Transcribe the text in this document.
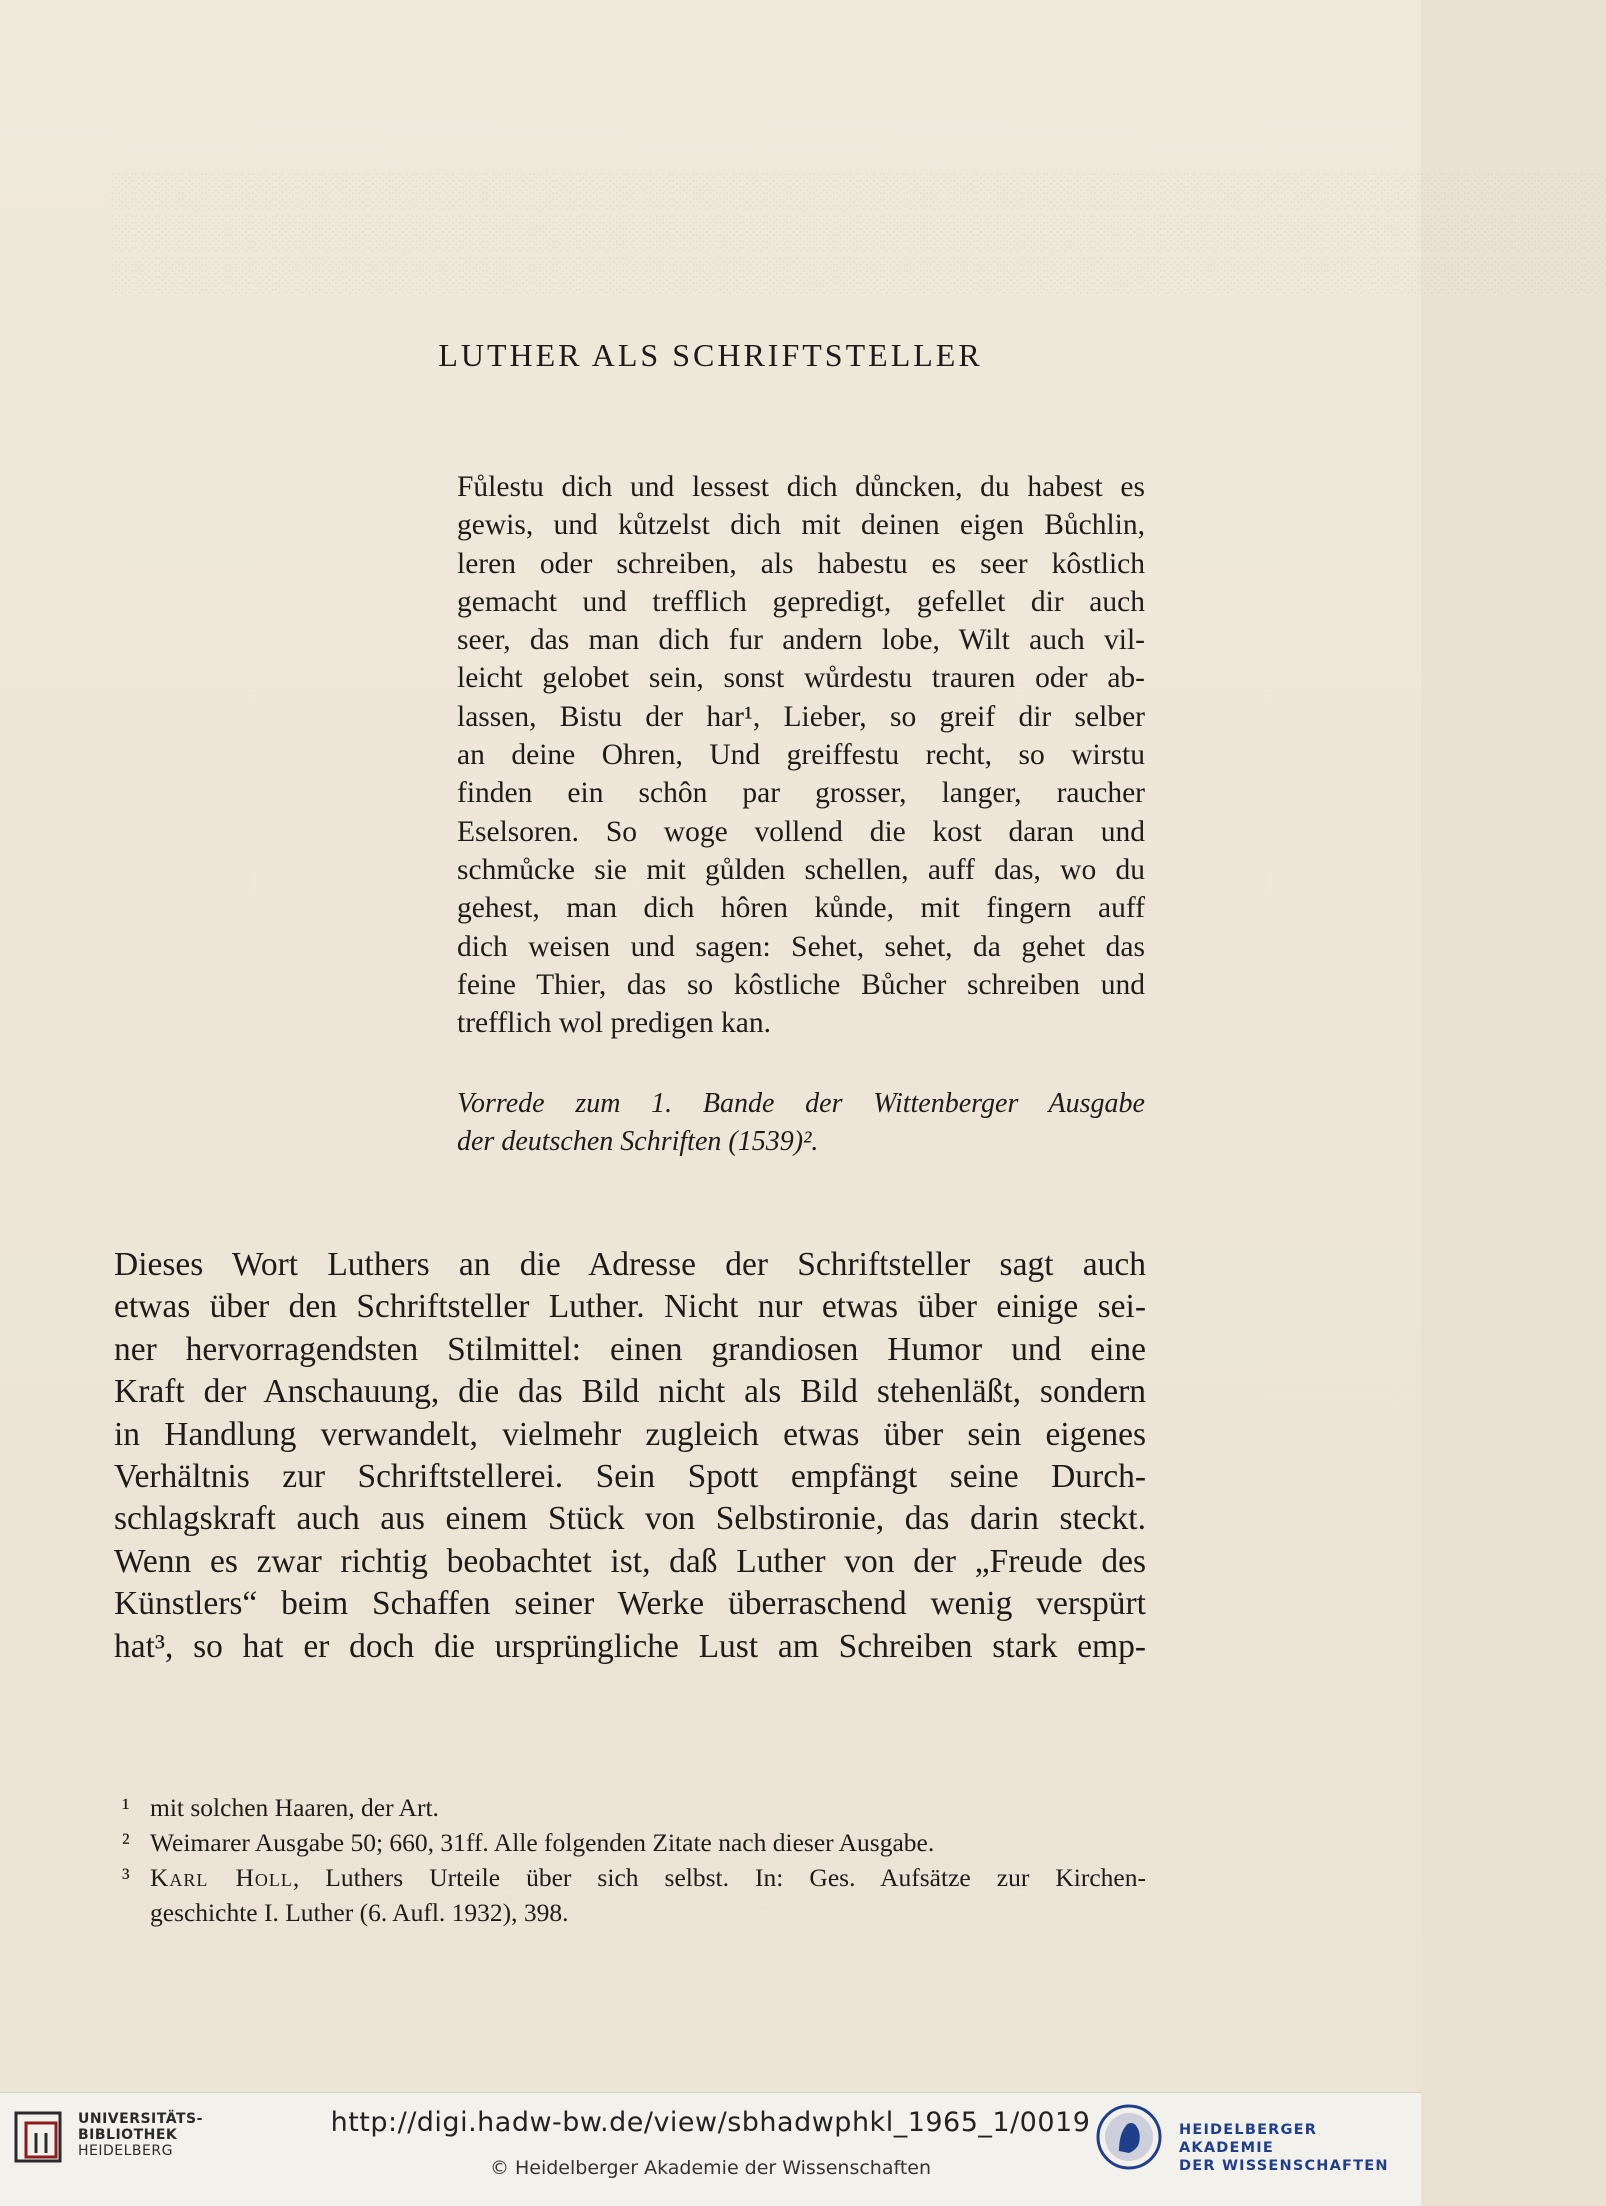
░░░░░░░░░░░░░░░░░░░░░░░░░░░░░░░░░░░░░░░░░░░░░░░░░░░░░░░░░░░░░░░░
░░░░░░░░░░░░░░░░░░░░░░░░░░░░░░░░░░░░░░░░░░░░░░░░░░░░░░░░░░░░░░░░
░░░░░░░░░░░░░░░░░░░░░░░░░░░░░░░░░░░░░░░░░░░░░░░░░░░░░░░░░░░░░░░░
LUTHER ALS SCHRIFTSTELLER
Fůlestu dich und lessest dich důncken, du habest es
gewis, und kůtzelst dich mit deinen eigen Bůchlin,
leren oder schreiben, als habestu es seer kôstlich
gemacht und trefflich gepredigt, gefellet dir auch
seer, das man dich fur andern lobe, Wilt auch vil-
leicht gelobet sein, sonst wůrdestu trauren oder ab-
lassen, Bistu der har¹, Lieber, so greif dir selber
an deine Ohren, Und greiffestu recht, so wirstu
finden ein schôn par grosser, langer, raucher
Eselsoren. So woge vollend die kost daran und
schmůcke sie mit gůlden schellen, auff das, wo du
gehest, man dich hôren kůnde, mit fingern auff
dich weisen und sagen: Sehet, sehet, da gehet das
feine Thier, das so kôstliche Bůcher schreiben und
trefflich wol predigen kan.
Vorrede zum 1. Bande der Wittenberger Ausgabe
der deutschen Schriften (1539)².
Dieses Wort Luthers an die Adresse der Schriftsteller sagt auch
etwas über den Schriftsteller Luther. Nicht nur etwas über einige sei-
ner hervorragendsten Stilmittel: einen grandiosen Humor und eine
Kraft der Anschauung, die das Bild nicht als Bild stehenläßt, sondern
in Handlung verwandelt, vielmehr zugleich etwas über sein eigenes
Verhältnis zur Schriftstellerei. Sein Spott empfängt seine Durch-
schlagskraft auch aus einem Stück von Selbstironie, das darin steckt.
Wenn es zwar richtig beobachtet ist, daß Luther von der „Freude des
Künstlers“ beim Schaffen seiner Werke überraschend wenig verspürt
hat³, so hat er doch die ursprüngliche Lust am Schreiben stark emp-
¹ mit solchen Haaren, der Art.
² Weimarer Ausgabe 50; 660, 31ff. Alle folgenden Zitate nach dieser Ausgabe.
³ Karl Holl, Luthers Urteile über sich selbst. In: Ges. Aufsätze zur Kirchen-
geschichte I. Luther (6. Aufl. 1932), 398.
UNIVERSITÄTS-
BIBLIOTHEK
HEIDELBERG
http://digi.hadw-bw.de/view/sbhadwphkl_1965_1/0019
© Heidelberger Akademie der Wissenschaften
HEIDELBERGER AKADEMIE
DER WISSENSCHAFTEN
